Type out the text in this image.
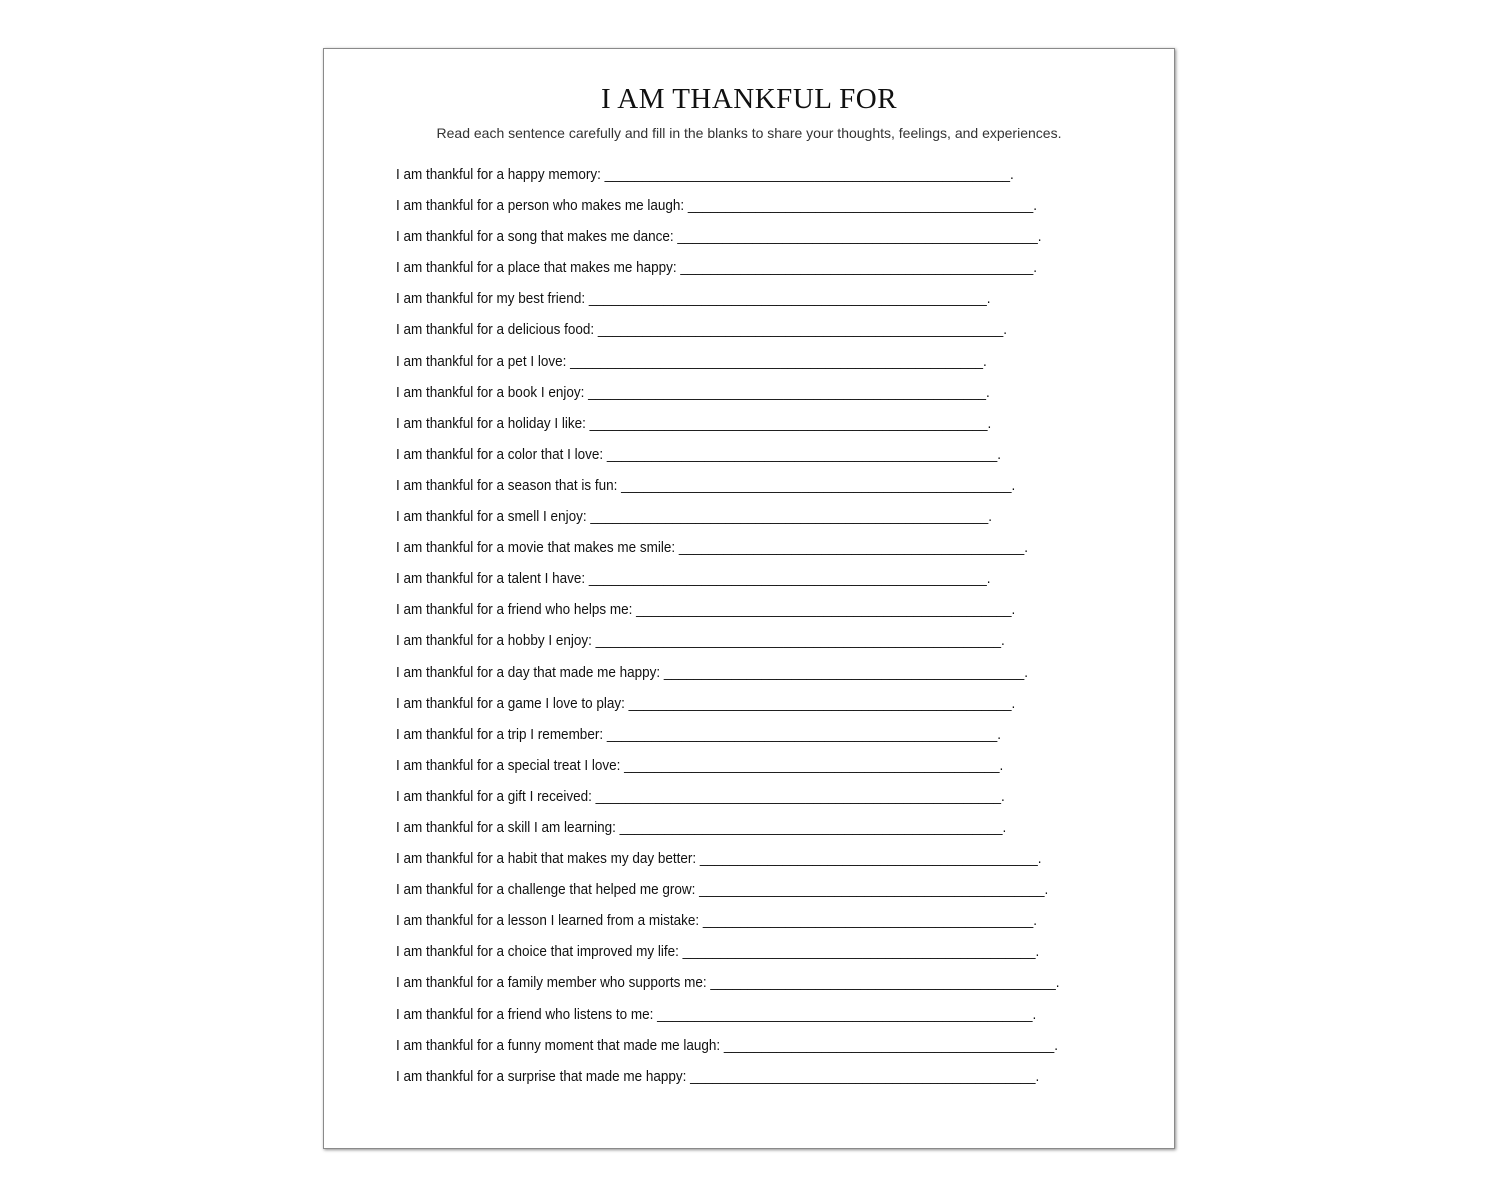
I AM THANKFUL FOR
Read each sentence carefully and fill in the blanks to share your thoughts, feelings, and experiences.
I am thankful for a happy memory: ______________________________________________________.
I am thankful for a person who makes me laugh: ______________________________________________.
I am thankful for a song that makes me dance: ________________________________________________.
I am thankful for a place that makes me happy: _______________________________________________.
I am thankful for my best friend: _____________________________________________________.
I am thankful for a delicious food: ______________________________________________________.
I am thankful for a pet I love: _______________________________________________________.
I am thankful for a book I enjoy: _____________________________________________________.
I am thankful for a holiday I like: _____________________________________________________.
I am thankful for a color that I love: ____________________________________________________.
I am thankful for a season that is fun: ____________________________________________________.
I am thankful for a smell I enjoy: _____________________________________________________.
I am thankful for a movie that makes me smile: ______________________________________________.
I am thankful for a talent I have: _____________________________________________________.
I am thankful for a friend who helps me: __________________________________________________.
I am thankful for a hobby I enjoy: ______________________________________________________.
I am thankful for a day that made me happy: ________________________________________________.
I am thankful for a game I love to play: ___________________________________________________.
I am thankful for a trip I remember: ____________________________________________________.
I am thankful for a special treat I love: __________________________________________________.
I am thankful for a gift I received: ______________________________________________________.
I am thankful for a skill I am learning: ___________________________________________________.
I am thankful for a habit that makes my day better: _____________________________________________.
I am thankful for a challenge that helped me grow: ______________________________________________.
I am thankful for a lesson I learned from a mistake: ____________________________________________.
I am thankful for a choice that improved my life: _______________________________________________.
I am thankful for a family member who supports me: ______________________________________________.
I am thankful for a friend who listens to me: __________________________________________________.
I am thankful for a funny moment that made me laugh: ____________________________________________.
I am thankful for a surprise that made me happy: ______________________________________________.
